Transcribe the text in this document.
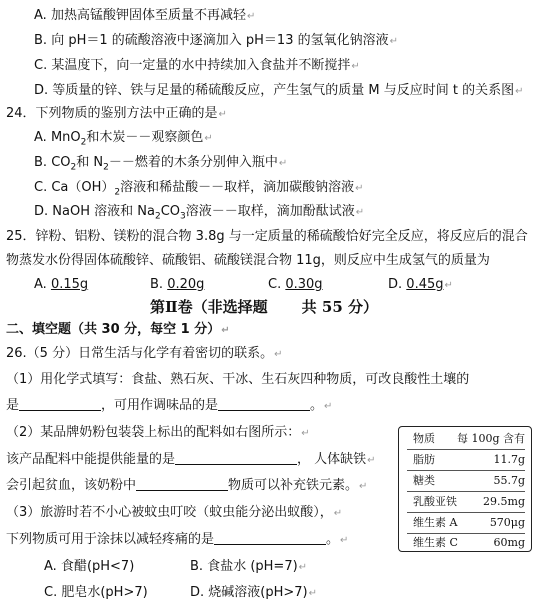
A. 加热高锰酸钾固体至质量不再减轻↵
B. 向 pH＝1 的硫酸溶液中逐滴加入 pH＝13 的氢氧化钠溶液↵
C. 某温度下，向一定量的水中持续加入食盐并不断搅拌↵
D. 等质量的锌、铁与足量的稀硫酸反应，产生氢气的质量 M 与反应时间 t 的关系图↵
24．下列物质的鉴别方法中正确的是↵
A. MnO$_2$和木炭－－观察颜色↵
B. $CO_2$和 $N_2--$燃着的木条分别伸入瓶中↵
C. $Ca(OH)_2$溶液和稀盐酸－－取样，滴加碳酸钠溶液↵
D. NaOH 溶液和 $Na_2CO_3$溶液－－取样，滴加酚酞试液↵
25．锌粉、铝粉、镁粉的混合物 3.8g 与一定质量的稀硫酸恰好完全反应，将反应后的混合
物蒸发水份得固体硫酸锌、硫酸铝、硫酸镁混合物 11g，则反应中生成氢气的质量为
A. 0.15g	B. 0.20g	C. 0.30g	D. 0.45g↵
第Ⅱ卷（非选择题 共 55 分）
二、填空题（共 30 分，每空 1 分）↵
26.（5 分）日常生活与化学有着密切的联系。↵
（1）用化学式填写：食盐、熟石灰、干冰、生石灰四种物质，可改良酸性土壤的
是	，可用作调味品的是	。↵
（2）某品牌奶粉包装袋上标出的配料如右图所示：↵
该产品配料中能提供能量的是	， 人体缺铁↵
会引起贫血，该奶粉中	物质可以补充铁元素。↵
（3）旅游时若不小心被蚊虫叮咬（蚊虫能分泌出蚁酸），↵
下列物质可用于涂抹以减轻疼痛的是	。↵
A. 食醋(pH<7)	B. 食盐水 (pH=7)↵
C. 肥皂水(pH>7)	D. 烧碱溶液(pH>7)↵
物质 每 100g 含有
脂肪	11.7g
糖类	55.7g
乳酸亚铁	29.5mg
维生素 A	570μg
维生素 C	60mg
